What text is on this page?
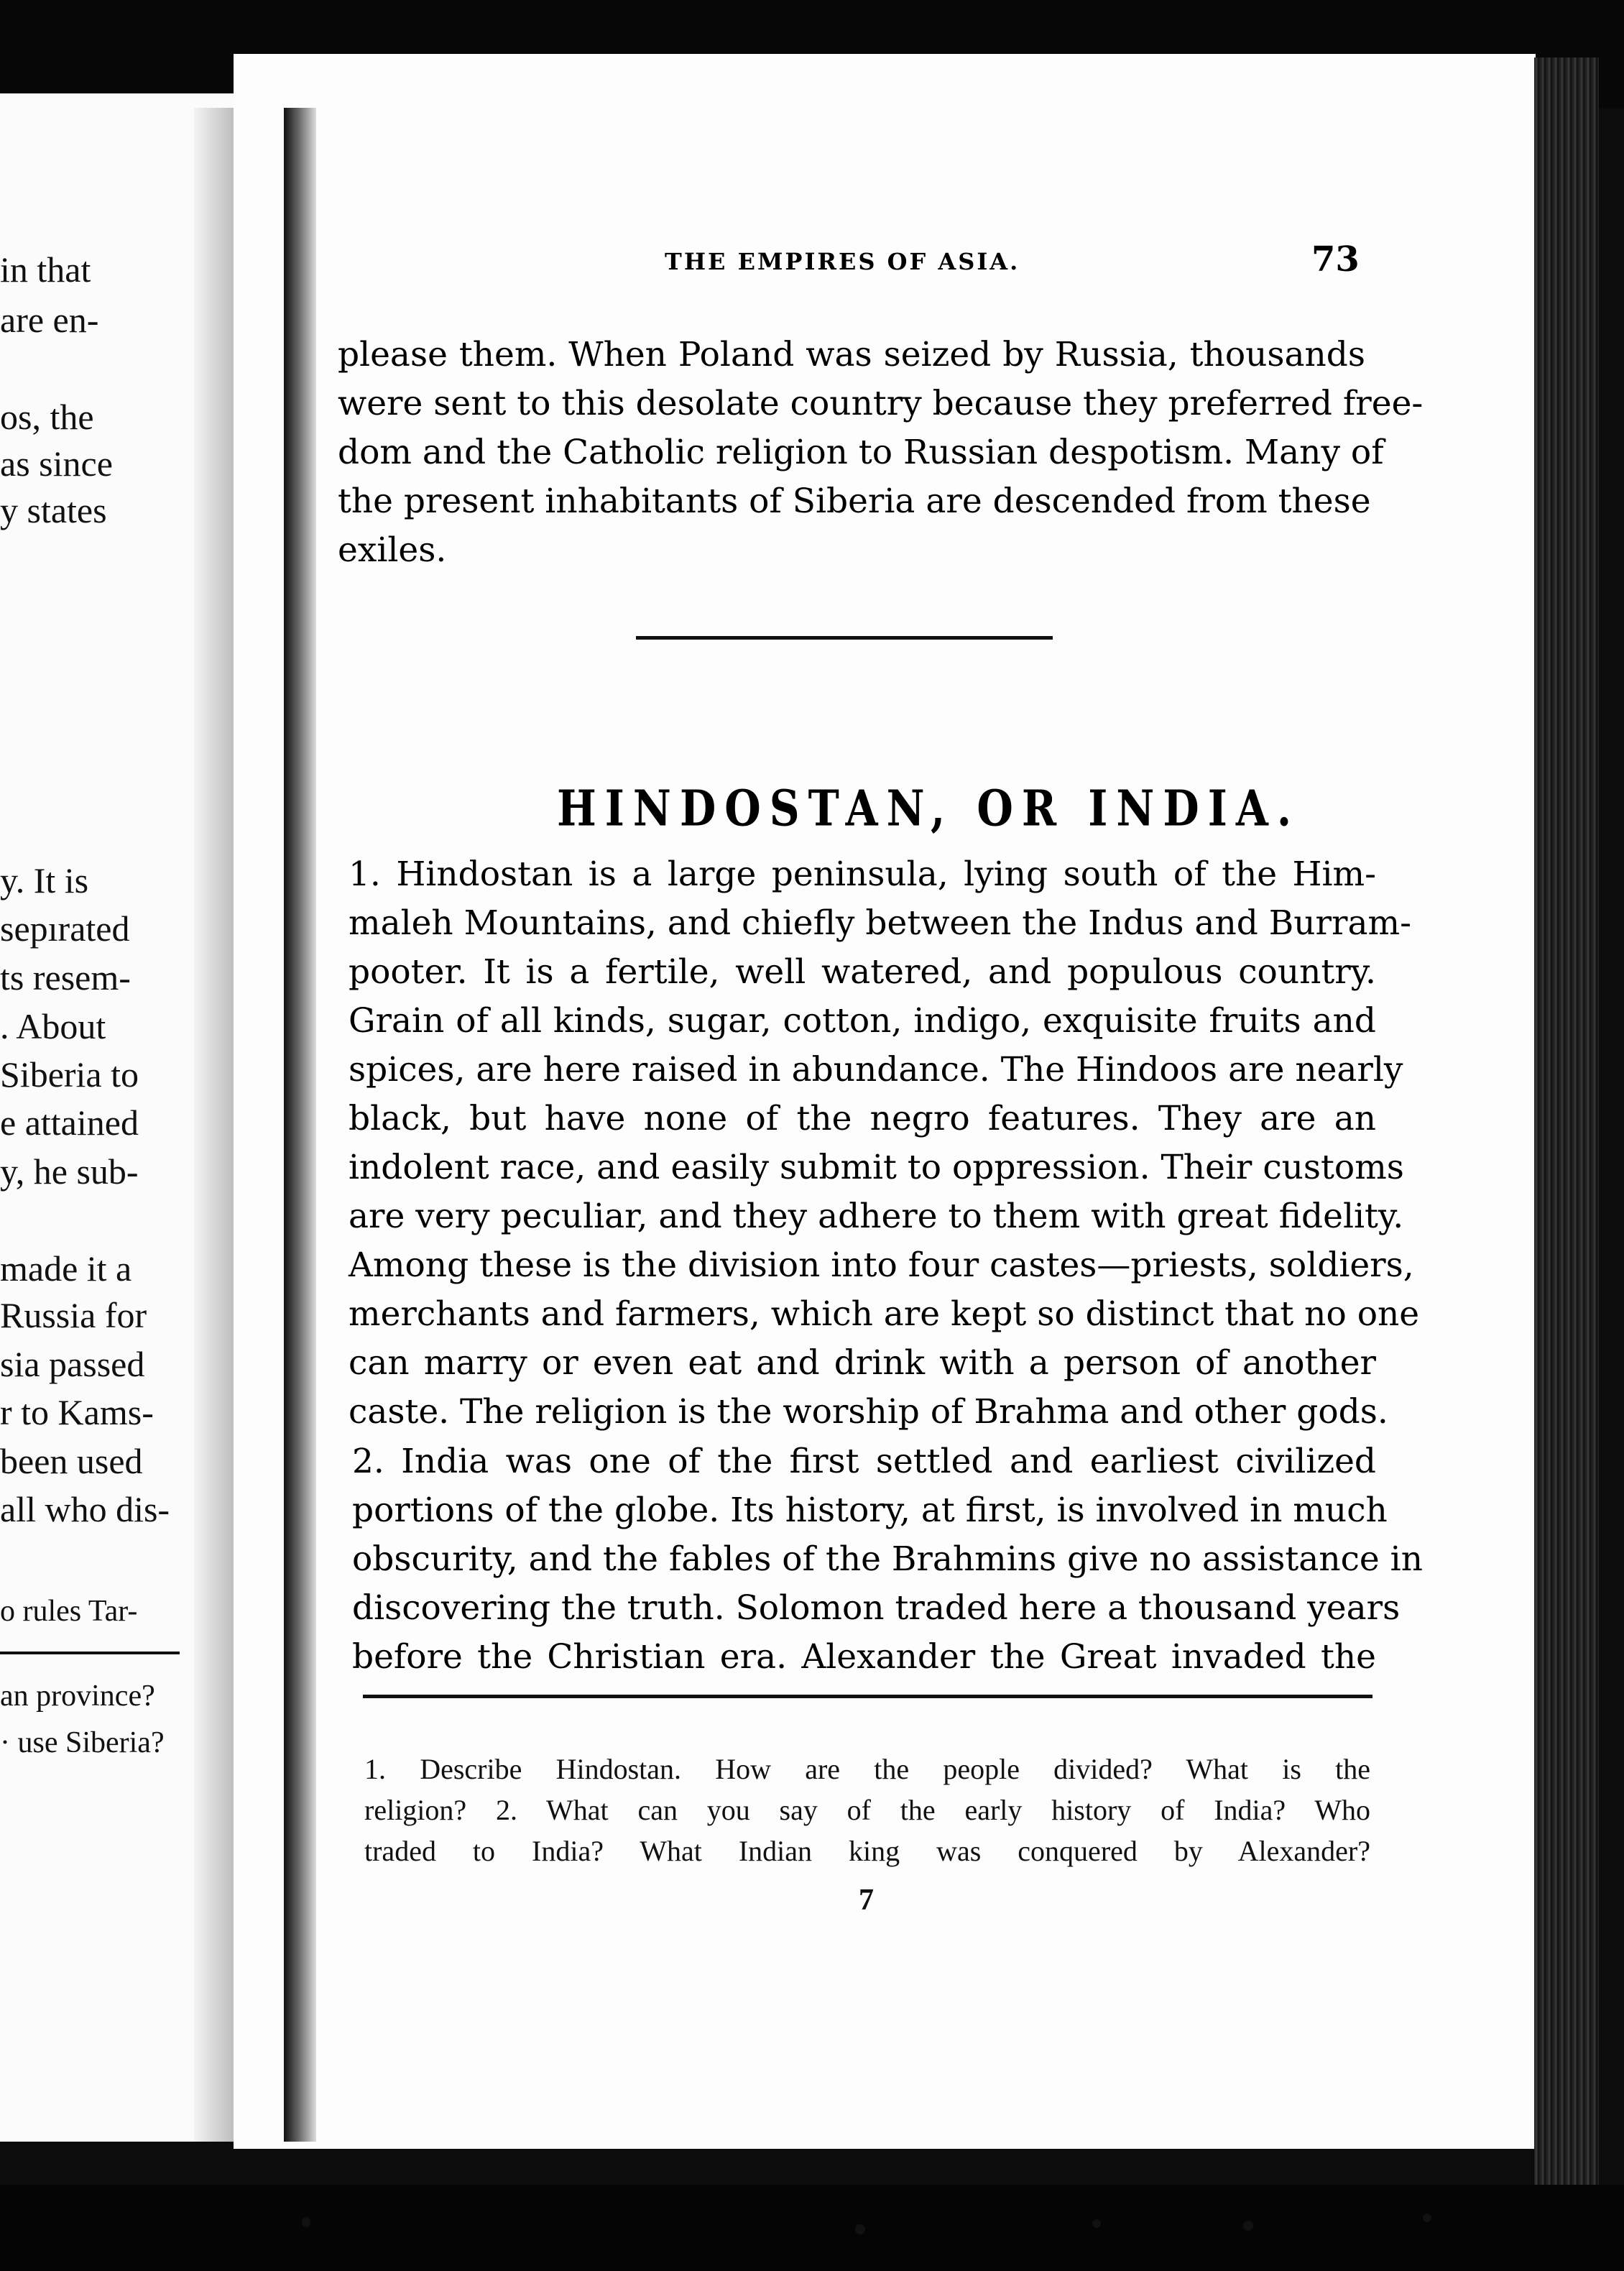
in that
are en-
os, the
as since
y states
y. It is
sepırated
ts resem-
. About
Siberia to
e attained
y, he sub-
made it a
Russia for
sia passed
r to Kams-
been used
all who dis-
o rules Tar-
an province?
· use Siberia?
THE EMPIRES OF ASIA.	73
please them. When Poland was seized by Russia, thousands
were sent to this desolate country because they preferred free-
dom and the Catholic religion to Russian despotism. Many of
the present inhabitants of Siberia are descended from these
exiles.
HINDOSTAN, OR INDIA.
1. Hindostan is a large peninsula, lying south of the Him-
maleh Mountains, and chiefly between the Indus and Burram-
pooter. It is a fertile, well watered, and populous country.
Grain of all kinds, sugar, cotton, indigo, exquisite fruits and
spices, are here raised in abundance. The Hindoos are nearly
black, but have none of the negro features. They are an
indolent race, and easily submit to oppression. Their customs
are very peculiar, and they adhere to them with great fidelity.
Among these is the division into four castes—priests, soldiers,
merchants and farmers, which are kept so distinct that no one
can marry or even eat and drink with a person of another
caste. The religion is the worship of Brahma and other gods.
2. India was one of the first settled and earliest civilized
portions of the globe. Its history, at first, is involved in much
obscurity, and the fables of the Brahmins give no assistance in
discovering the truth. Solomon traded here a thousand years
before the Christian era. Alexander the Great invaded the
1. Describe Hindostan. How are the people divided? What is the
religion? 2. What can you say of the early history of India? Who
traded to India? What Indian king was conquered by Alexander?
7
